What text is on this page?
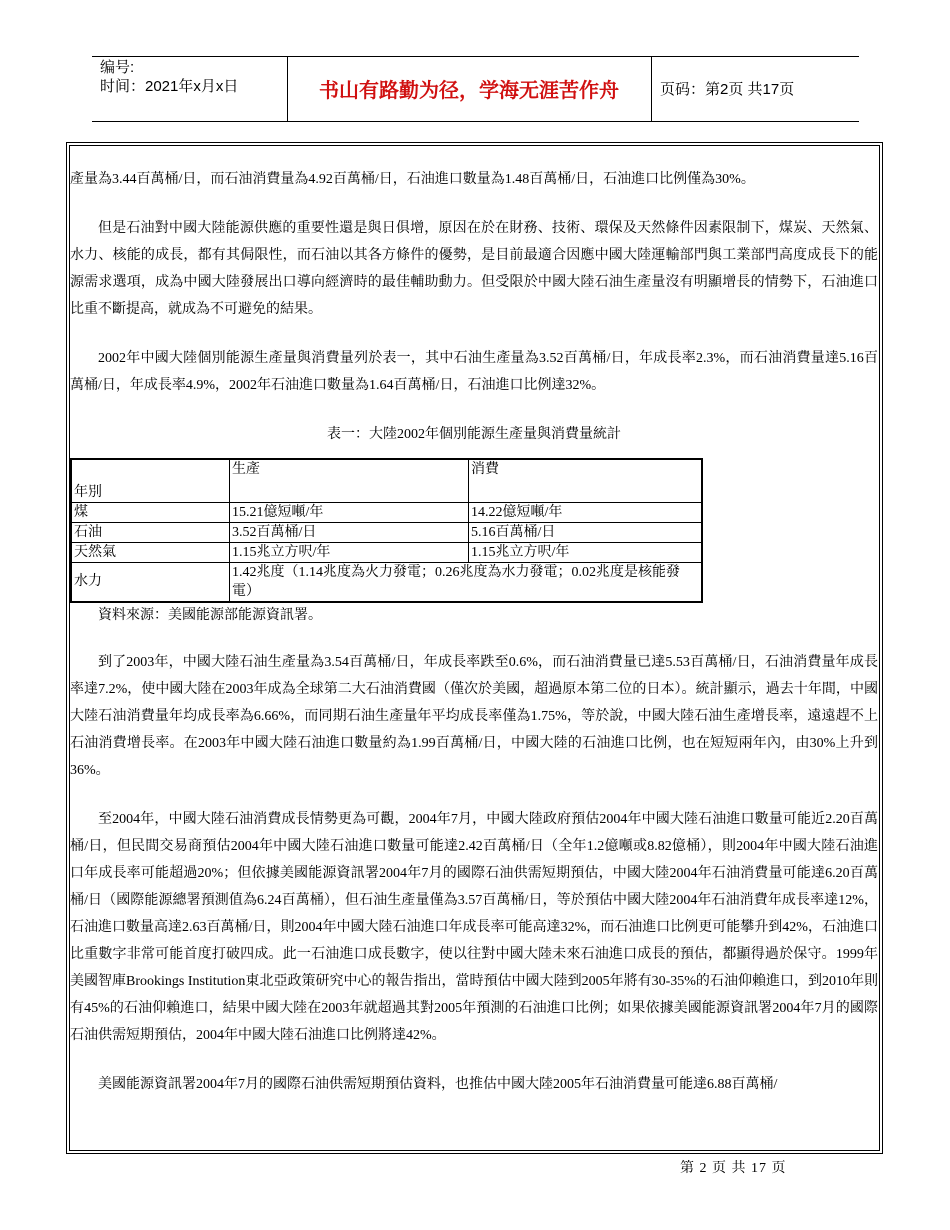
编号:
时间：2021年x月x日	书山有路勤为径，学海无涯苦作舟	页码：第2页 共17页

產量為3.44百萬桶/日，而石油消費量為4.92百萬桶/日，石油進口數量為1.48百萬桶/日，石油進口比例僅為30%。

但是石油對中國大陸能源供應的重要性還是與日俱增，原因在於在財務、技術、環保及天然條件因素限制下，煤炭、天然氣、水力、核能的成長，都有其侷限性，而石油以其各方條件的優勢，是目前最適合因應中國大陸運輸部門與工業部門高度成長下的能源需求選項，成為中國大陸發展出口導向經濟時的最佳輔助動力。但受限於中國大陸石油生產量沒有明顯增長的情勢下，石油進口比重不斷提高，就成為不可避免的結果。

2002年中國大陸個別能源生產量與消費量列於表一，其中石油生產量為3.52百萬桶/日，年成長率2.3%，而石油消費量達5.16百萬桶/日，年成長率4.9%，2002年石油進口數量為1.64百萬桶/日，石油進口比例達32%。

表一：大陸2002年個別能源生產量與消費量統計

年別	生產	消費
煤	15.21億短噸/年	14.22億短噸/年
石油	3.52百萬桶/日	5.16百萬桶/日
天然氣	1.15兆立方呎/年	1.15兆立方呎/年
水力	1.42兆度（1.14兆度為火力發電；0.26兆度為水力發電；0.02兆度是核能發電）	

資料來源：美國能源部能源資訊署。

到了2003年，中國大陸石油生產量為3.54百萬桶/日，年成長率跌至0.6%，而石油消費量已達5.53百萬桶/日，石油消費量年成長率達7.2%，使中國大陸在2003年成為全球第二大石油消費國（僅次於美國，超過原本第二位的日本）。統計顯示，過去十年間，中國大陸石油消費量年均成長率為6.66%，而同期石油生產量年平均成長率僅為1.75%，等於說，中國大陸石油生產增長率，遠遠趕不上石油消費增長率。在2003年中國大陸石油進口數量約為1.99百萬桶/日，中國大陸的石油進口比例，也在短短兩年內，由30%上升到36%。

至2004年，中國大陸石油消費成長情勢更為可觀，2004年7月，中國大陸政府預估2004年中國大陸石油進口數量可能近2.20百萬桶/日，但民間交易商預估2004年中國大陸石油進口數量可能達2.42百萬桶/日（全年1.2億噸或8.82億桶），則2004年中國大陸石油進口年成長率可能超過20%；但依據美國能源資訊署2004年7月的國際石油供需短期預估，中國大陸2004年石油消費量可能達6.20百萬桶/日（國際能源總署預測值為6.24百萬桶），但石油生產量僅為3.57百萬桶/日，等於預估中國大陸2004年石油消費年成長率達12%，石油進口數量高達2.63百萬桶/日，則2004年中國大陸石油進口年成長率可能高達32%，而石油進口比例更可能攀升到42%，石油進口比重數字非常可能首度打破四成。此一石油進口成長數字，使以往對中國大陸未來石油進口成長的預估，都顯得過於保守。1999年美國智庫Brookings Institution東北亞政策研究中心的報告指出，當時預估中國大陸到2005年將有30-35%的石油仰賴進口，到2010年則有45%的石油仰賴進口，結果中國大陸在2003年就超過其對2005年預測的石油進口比例；如果依據美國能源資訊署2004年7月的國際石油供需短期預估，2004年中國大陸石油進口比例將達42%。

美國能源資訊署2004年7月的國際石油供需短期預估資料，也推估中國大陸2005年石油消費量可能達6.88百萬桶/

第 2 页 共 17 页
